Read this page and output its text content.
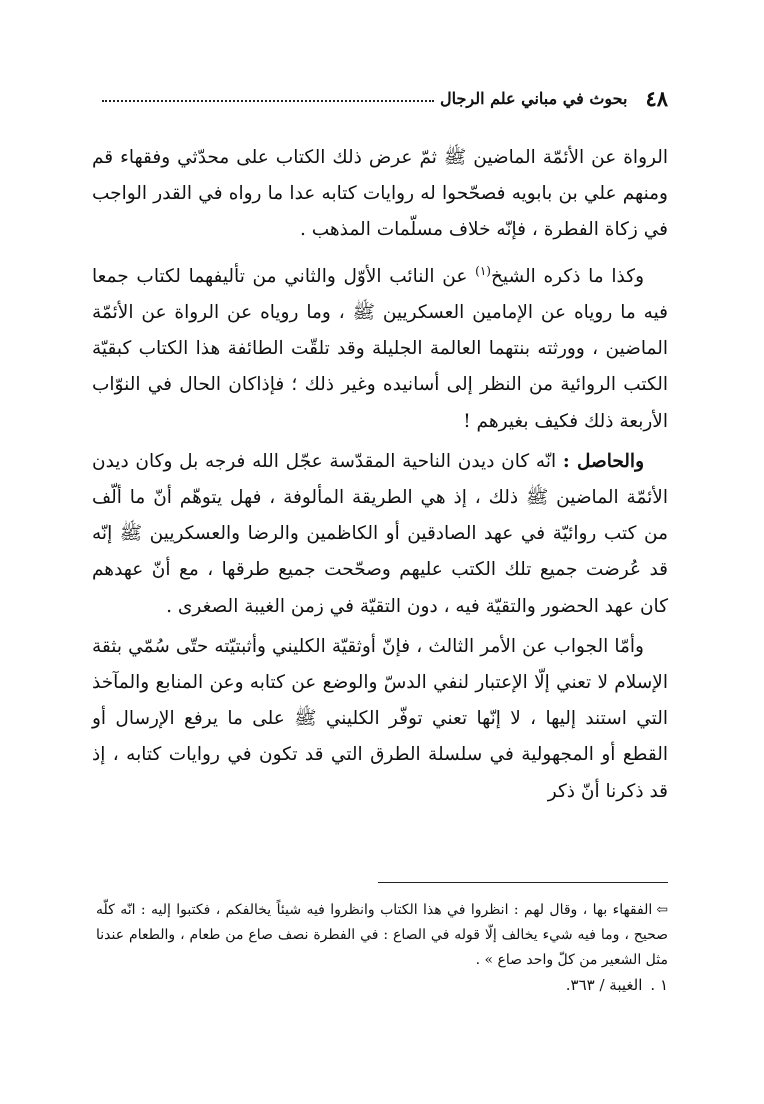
٤٨
بحوث في مباني علم الرجال

الرواة عن الأئمّة الماضين ﷺ ثمّ عرض ذلك الكتاب على محدّثي وفقهاء قم ومنهم علي بن بابويه فصحّحوا له روايات كتابه عدا ما رواه في القدر الواجب في زكاة الفطرة ، فإنّه خلاف مسلّمات المذهب .

وكذا ما ذكره الشيخ$^{(١)}$ عن النائب الأوّل والثاني من تأليفهما لكتاب جمعا فيه ما روياه عن الإمامين العسكريين ﷺ ، وما روياه عن الرواة عن الأئمّة الماضين ، وورثته بنتهما العالمة الجليلة وقد تلقّت الطائفة هذا الكتاب كبقيّة الكتب الروائية من النظر إلى أسانيده وغير ذلك ؛ فإذاكان الحال في النوّاب الأربعة ذلك فكيف بغيرهم !

والحاصل : انّه كان ديدن الناحية المقدّسة عجّل الله فرجه بل وكان ديدن الأئمّة الماضين ﷺ ذلك ، إذ هي الطريقة المألوفة ، فهل يتوهّم أنّ ما ألّف من كتب روائيّة في عهد الصادقين أو الكاظمين والرضا والعسكريين ﷺ إنّه قد عُرضت جميع تلك الكتب عليهم وصحّحت جميع طرقها ، مع أنّ عهدهم كان عهد الحضور والتقيّة فيه ، دون التقيّة في زمن الغيبة الصغرى .

وأمّا الجواب عن الأمر الثالث ، فإنّ أوثقيّة الكليني وأثبتيّته حتّى سُمّي بثقة الإسلام لا تعني إلّا الإعتبار لنفي الدسّ والوضع عن كتابه وعن المنابع والمآخذ التي استند إليها ، لا إنّها تعني توفّر الكليني ﷺ على ما يرفع الإرسال أو القطع أو المجهولية في سلسلة الطرق التي قد تكون في روايات كتابه ، إذ قد ذكرنا أنّ ذكر

⇦الفقهاء بها ، وقال لهم : انظروا في هذا الكتاب وانظروا فيه شيئاً يخالفكم ، فكتبوا إليه : انّه كلّه صحيح ، وما فيه شيء يخالف إلّا قوله في الصاع : في الفطرة نصف صاع من طعام ، والطعام عندنا مثل الشعير من كلّ واحد صاع » .

١ .الغيبة / ٣٦٣.
